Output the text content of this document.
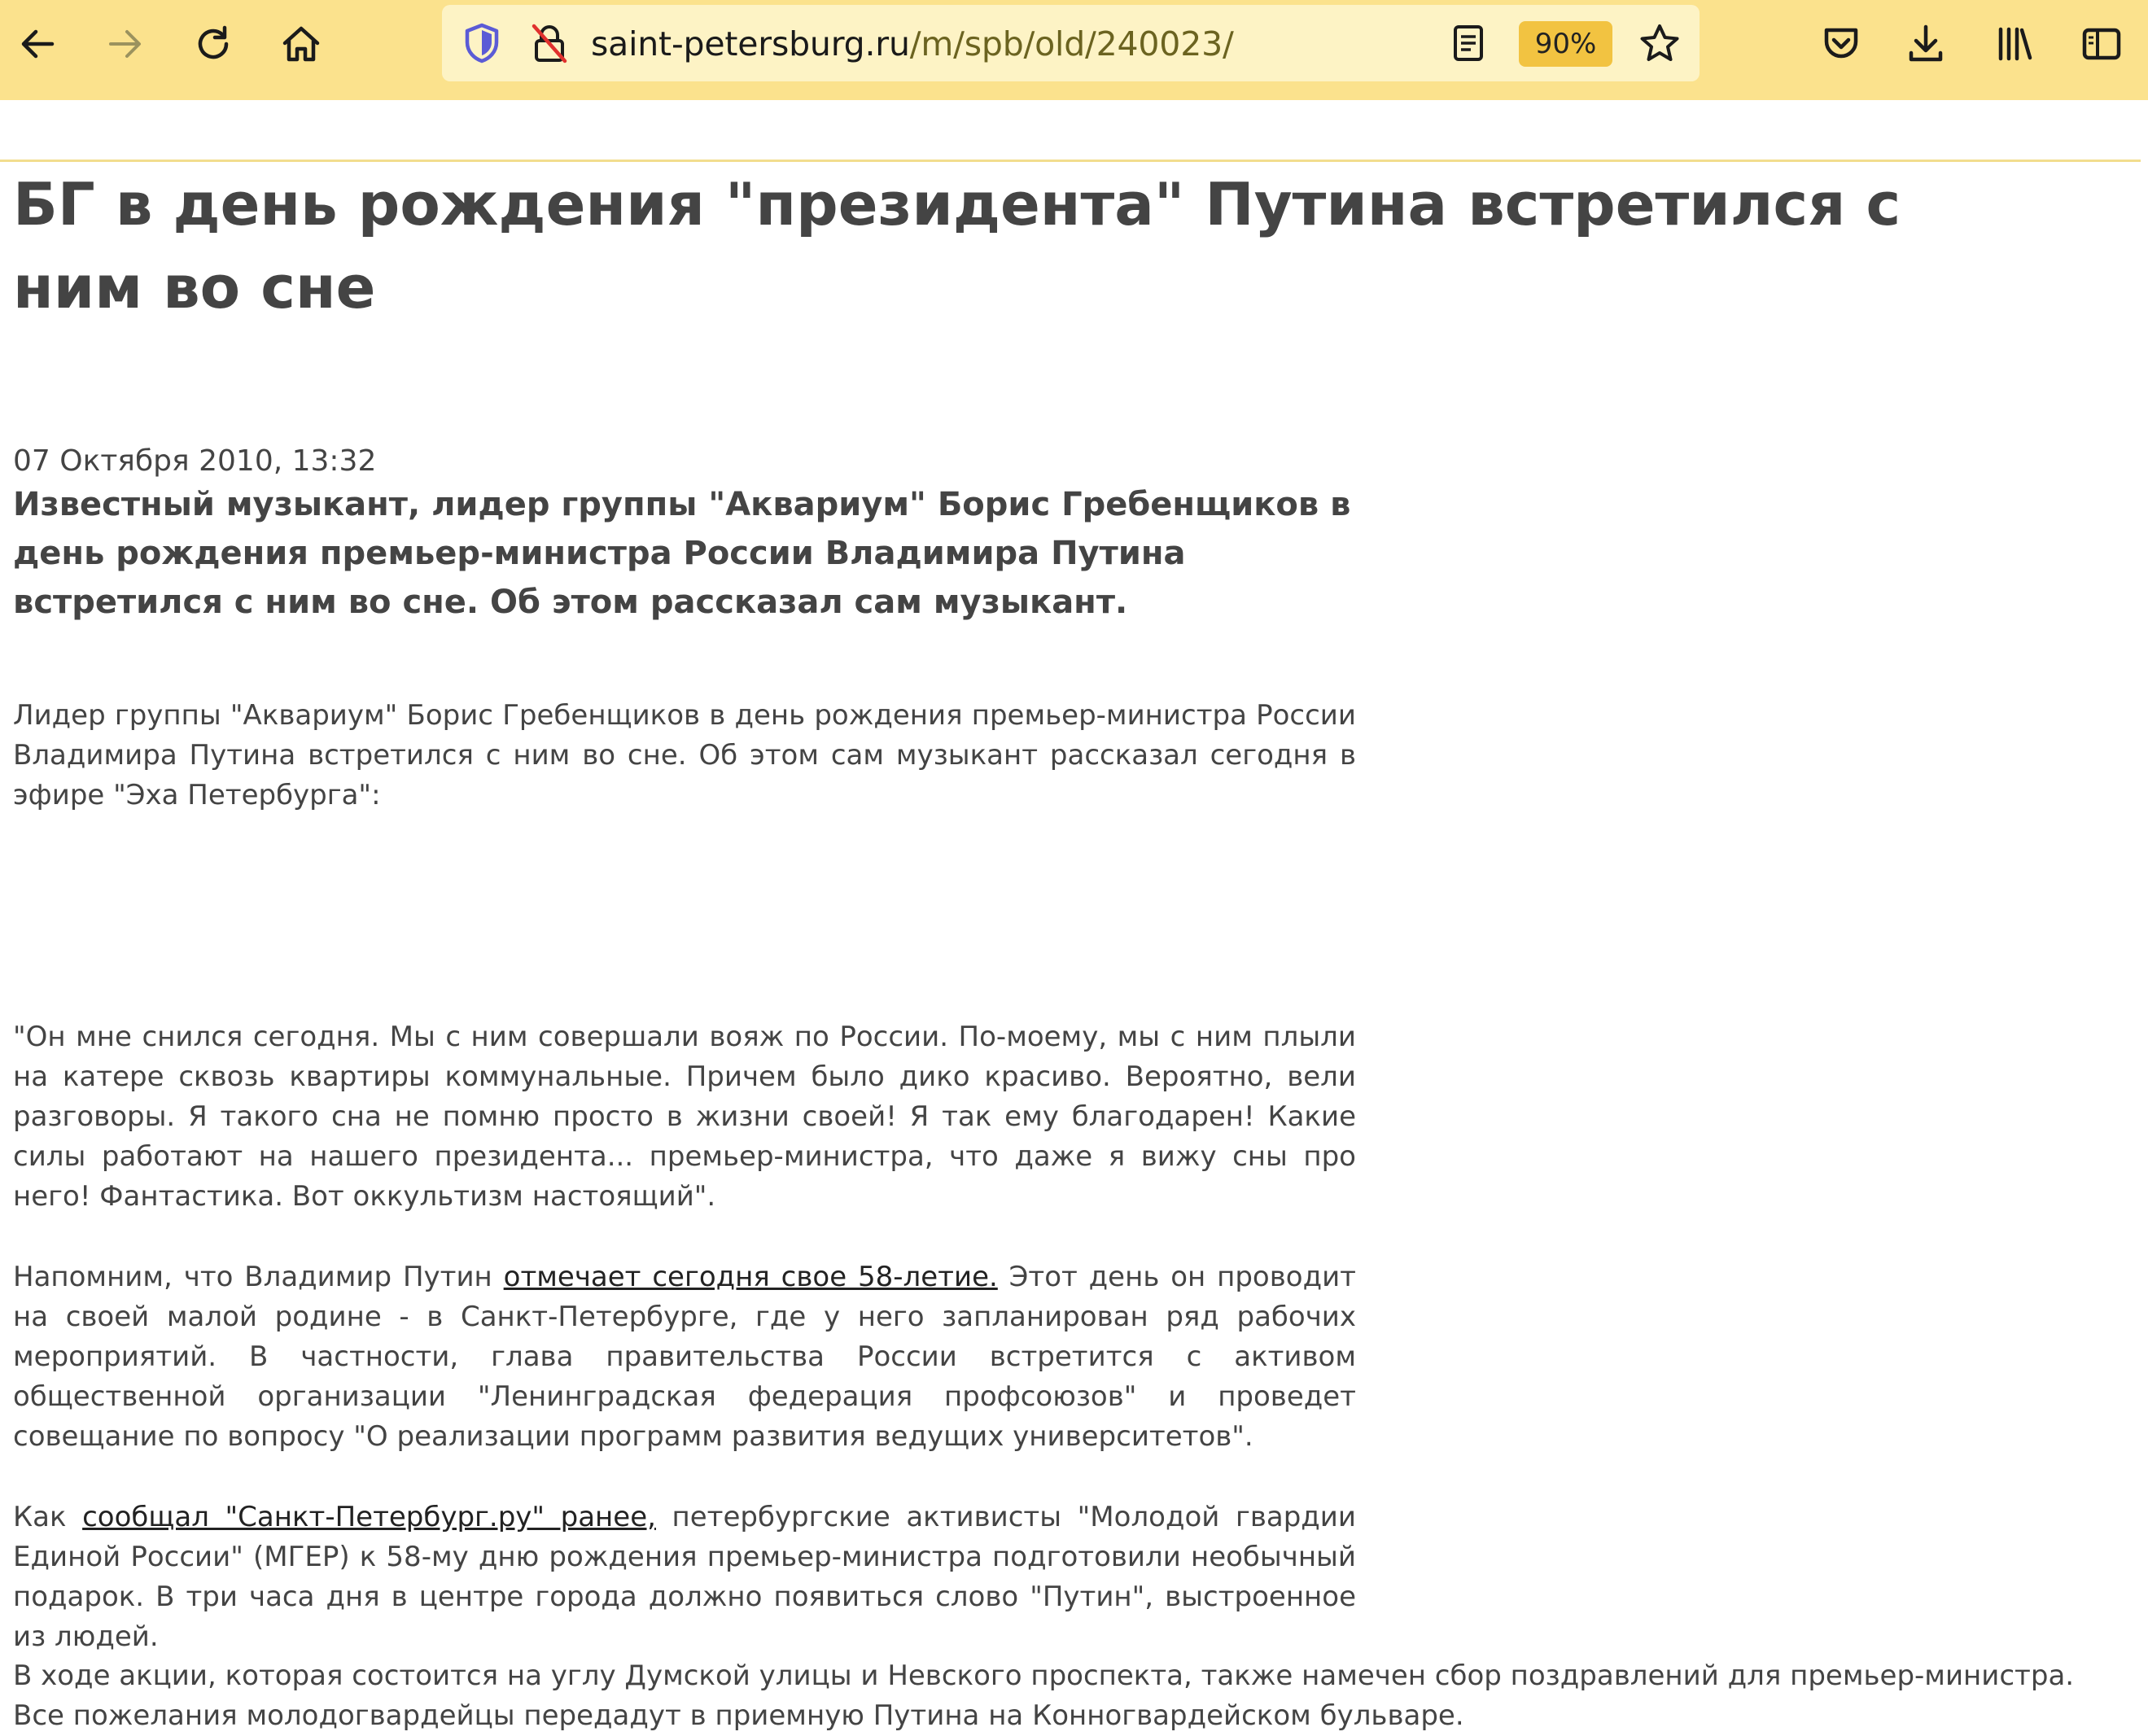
saint-petersburg.ru/m/spb/old/240023/	90%
БГ в день рождения "президента" Путина встретился с ним во сне
07 Октября 2010, 13:32

Известный музыкант, лидер группы "Аквариум" Борис Гребенщиков в день рождения премьер-министра России Владимира Путина встретился с ним во сне. Об этом рассказал сам музыкант.

Лидер группы "Аквариум" Борис Гребенщиков в день рождения премьер-министра России Владимира Путина встретился с ним во сне. Об этом сам музыкант рассказал сегодня в эфире "Эха Петербурга":

"Он мне снился сегодня. Мы с ним совершали вояж по России. По-моему, мы с ним плыли на катере сквозь квартиры коммунальные. Причем было дико красиво. Вероятно, вели разговоры. Я такого сна не помню просто в жизни своей! Я так ему благодарен! Какие силы работают на нашего президента... премьер-министра, что даже я вижу сны про него! Фантастика. Вот оккультизм настоящий".

Напомним, что Владимир Путин отмечает сегодня свое 58-летие. Этот день он проводит на своей малой родине - в Санкт-Петербурге, где у него запланирован ряд рабочих мероприятий. В частности, глава правительства России встретится с активом общественной организации "Ленинградская федерация профсоюзов" и проведет совещание по вопросу "О реализации программ развития ведущих университетов".

Как сообщал "Санкт-Петербург.ру" ранее, петербургские активисты "Молодой гвардии Единой России" (МГЕР) к 58-му дню рождения премьер-министра подготовили необычный подарок. В три часа дня в центре города должно появиться слово "Путин", выстроенное из людей.

В ходе акции, которая состоится на углу Думской улицы и Невского проспекта, также намечен сбор поздравлений для премьер-министра. Все пожелания молодогвардейцы передадут в приемную Путина на Конногвардейском бульваре.
